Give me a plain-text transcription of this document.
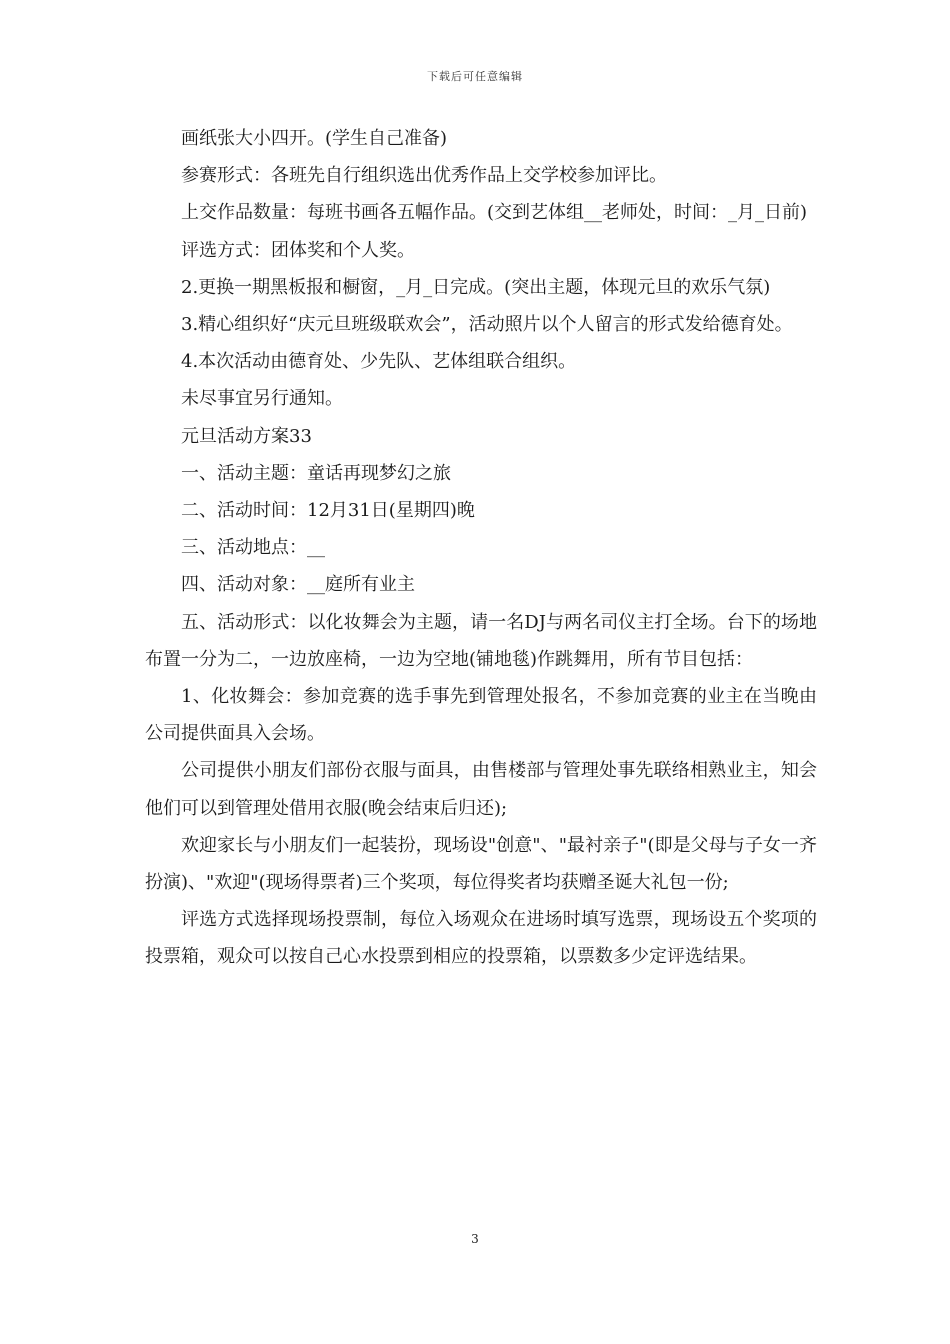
下载后可任意编辑

画纸张大小四开。(学生自己准备)

参赛形式：各班先自行组织选出优秀作品上交学校参加评比。

上交作品数量：每班书画各五幅作品。(交到艺体组__老师处，时间：_月_日前)

评选方式：团体奖和个人奖。

2.更换一期黑板报和橱窗，_月_日完成。(突出主题，体现元旦的欢乐气氛)

3.精心组织好“庆元旦班级联欢会”，活动照片以个人留言的形式发给德育处。

4.本次活动由德育处、少先队、艺体组联合组织。

未尽事宜另行通知。

元旦活动方案33

一、活动主题：童话再现梦幻之旅

二、活动时间：12月31日(星期四)晚

三、活动地点：__

四、活动对象：__庭所有业主

五、活动形式：以化妆舞会为主题，请一名DJ与两名司仪主打全场。台下的场地布置一分为二，一边放座椅，一边为空地(铺地毯)作跳舞用，所有节目包括：

1、化妆舞会：参加竞赛的选手事先到管理处报名，不参加竞赛的业主在当晚由公司提供面具入会场。

公司提供小朋友们部份衣服与面具，由售楼部与管理处事先联络相熟业主，知会他们可以到管理处借用衣服(晚会结束后归还);

欢迎家长与小朋友们一起装扮，现场设"创意"、"最衬亲子"(即是父母与子女一齐扮演)、"欢迎"(现场得票者)三个奖项，每位得奖者均获赠圣诞大礼包一份;

评选方式选择现场投票制，每位入场观众在进场时填写选票，现场设五个奖项的投票箱，观众可以按自己心水投票到相应的投票箱，以票数多少定评选结果。

3
